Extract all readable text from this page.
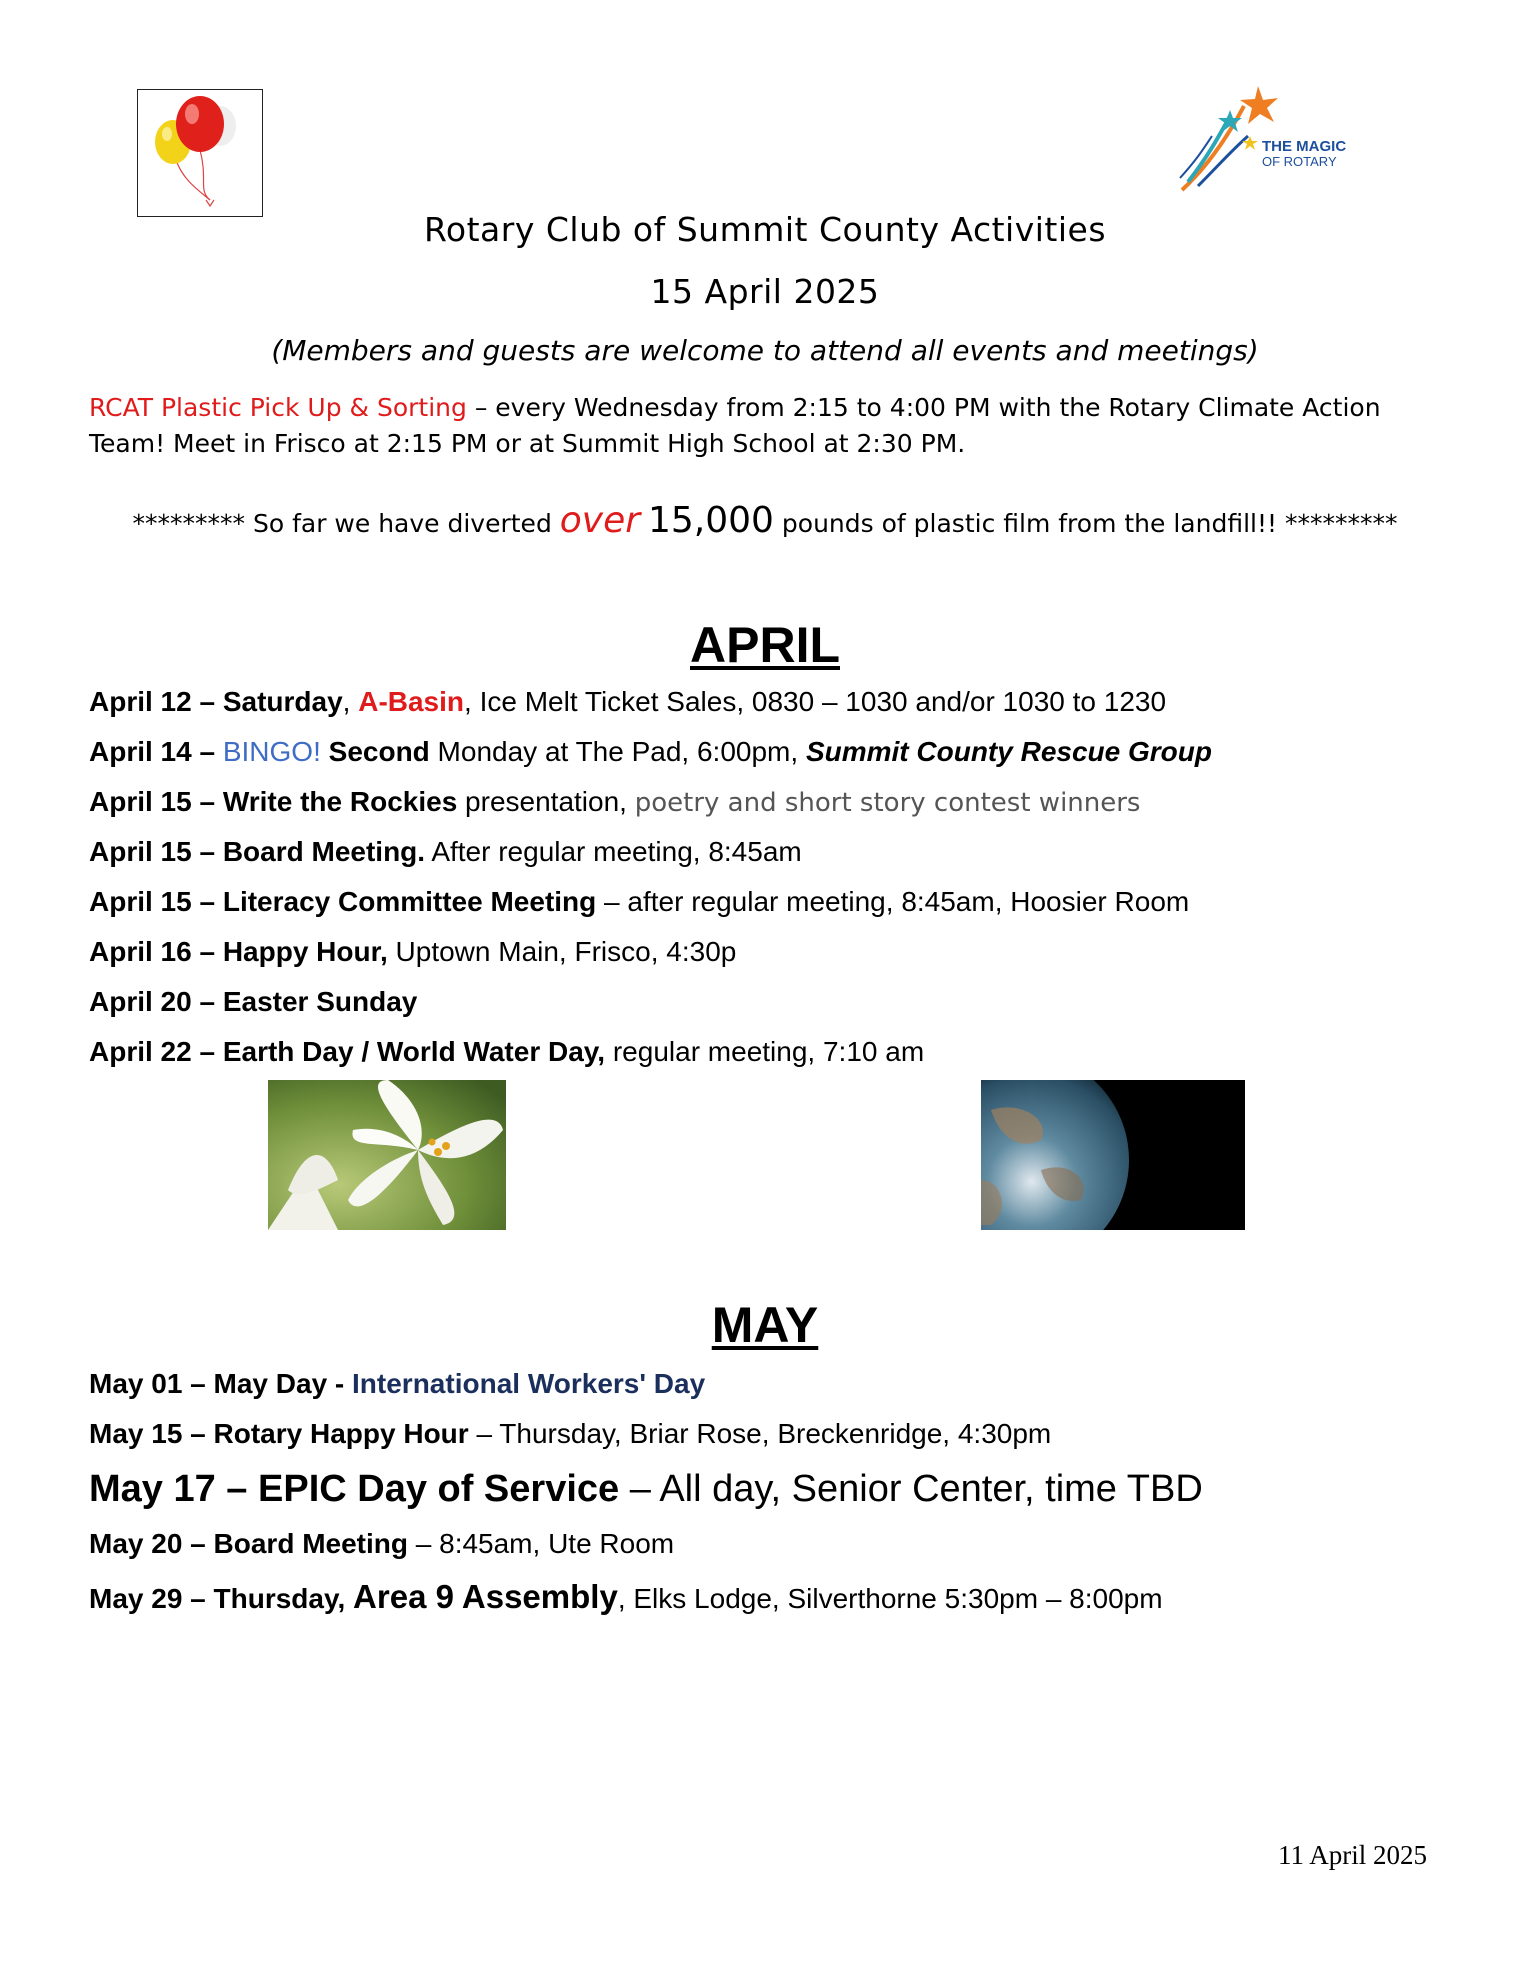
THE MAGIC
OF ROTARY
Rotary Club of Summit County Activities
15 April 2025
(Members and guests are welcome to attend all events and meetings)
RCAT Plastic Pick Up & Sorting – every Wednesday from 2:15 to 4:00 PM with the Rotary Climate Action Team! Meet in Frisco at 2:15 PM or at Summit High School at 2:30 PM.
********* So far we have diverted over 15,000 pounds of plastic film from the landfill!! *********
APRIL
April 12 – Saturday, A-Basin, Ice Melt Ticket Sales, 0830 – 1030 and/or 1030 to 1230
April 14 – BINGO! Second Monday at The Pad, 6:00pm, Summit County Rescue Group
April 15 – Write the Rockies presentation, poetry and short story contest winners
April 15 – Board Meeting. After regular meeting, 8:45am
April 15 – Literacy Committee Meeting – after regular meeting, 8:45am, Hoosier Room
April 16 – Happy Hour, Uptown Main, Frisco, 4:30p
April 20 – Easter Sunday
April 22 – Earth Day / World Water Day, regular meeting, 7:10 am
MAY
May 01 – May Day - International Workers' Day
May 15 – Rotary Happy Hour – Thursday, Briar Rose, Breckenridge, 4:30pm
May 17 – EPIC Day of Service – All day, Senior Center, time TBD
May 20 – Board Meeting – 8:45am, Ute Room
May 29 – Thursday, Area 9 Assembly, Elks Lodge, Silverthorne 5:30pm – 8:00pm
11 April 2025
